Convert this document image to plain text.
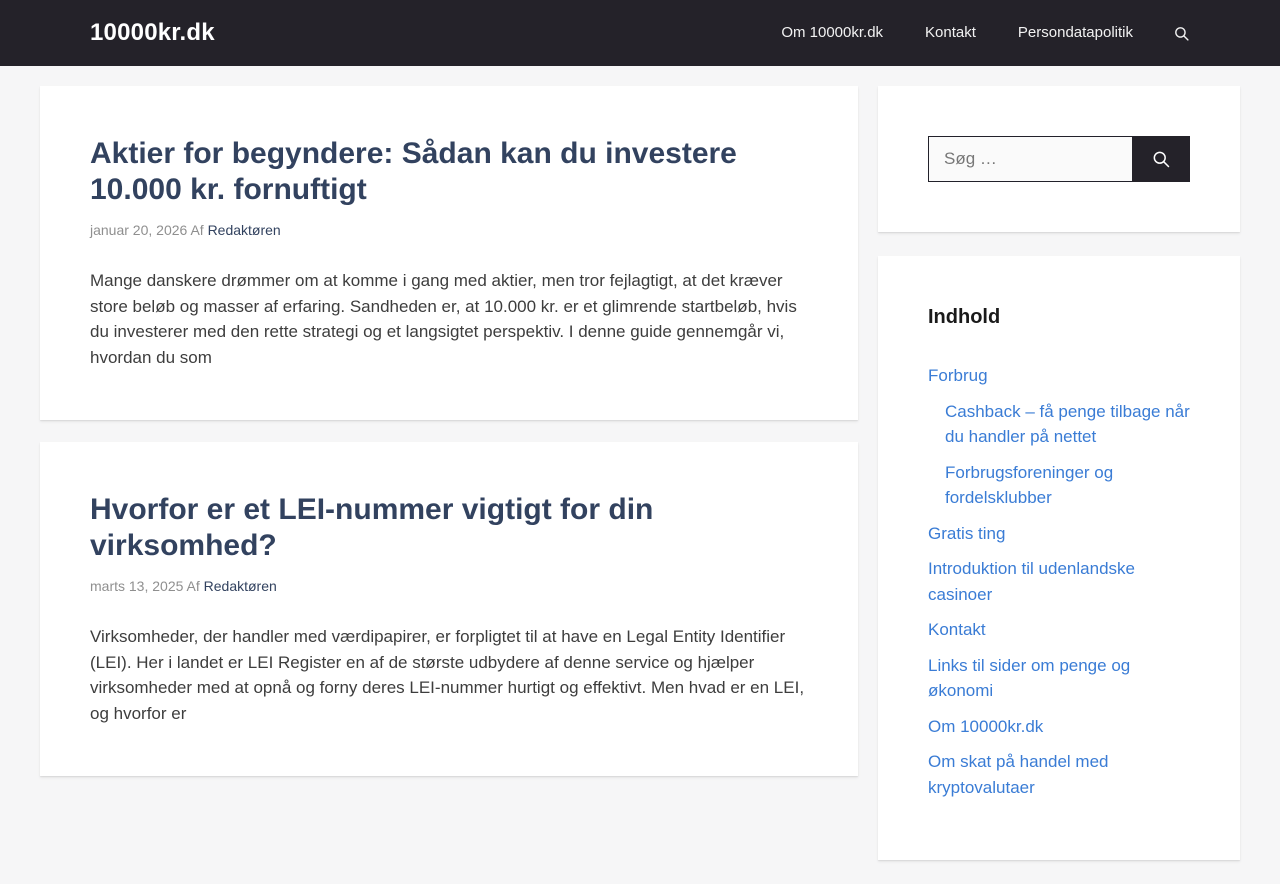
10000kr.dk	Om 10000kr.dk	Kontakt	Persondatapolitik
Aktier for begyndere: Sådan kan du investere 10.000 kr. fornuftigt

januar 20, 2026 Af Redaktøren

Mange danskere drømmer om at komme i gang med aktier, men tror fejlagtigt, at det kræver store beløb og masser af erfaring. Sandheden er, at 10.000 kr. er et glimrende startbeløb, hvis du investerer med den rette strategi og et langsigtet perspektiv. I denne guide gennemgår vi, hvordan du som

Hvorfor er et LEI-nummer vigtigt for din virksomhed?

marts 13, 2025 Af Redaktøren

Virksomheder, der handler med værdipapirer, er forpligtet til at have en Legal Entity Identifier (LEI). Her i landet er LEI Register en af de største udbydere af denne service og hjælper virksomheder med at opnå og forny deres LEI-nummer hurtigt og effektivt. Men hvad er en LEI, og hvorfor er

Søg …
Indhold
Forbrug
Cashback – få penge tilbage når du handler på nettet
Forbrugsforeninger og fordelsklubber
Gratis ting
Introduktion til udenlandske casinoer
Kontakt
Links til sider om penge og økonomi
Om 10000kr.dk
Om skat på handel med kryptovalutaer
